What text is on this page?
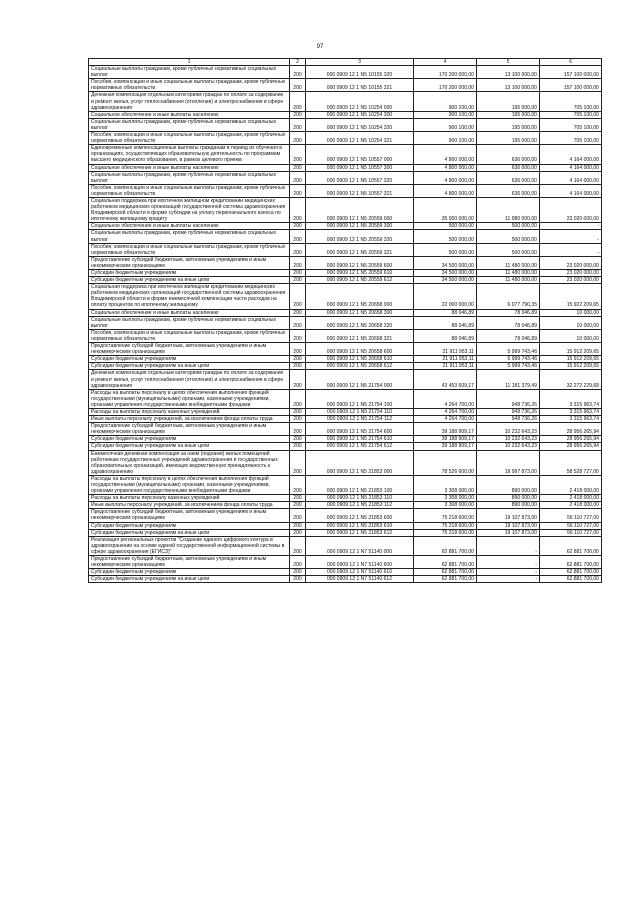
97
1	2	3	4	5	6
Социальные выплаты гражданам, кроме публичных нормативных социальных выплат	200	000 0909 12 1 N5 10155 320	170 200 000,00	13 100 000,00	157 100 000,00
Пособия, компенсации и иные социальные выплаты гражданам, кроме публичных нормативных обязательств	200	000 0909 12 1 N5 10155 321	170 200 000,00	13 100 000,00	157 100 000,00
Денежная компенсация отдельным категориям граждан по оплате за содержание и ремонт жилья, услуг теплоснабжения (отопления) и электроснабжения в сфере здравоохранения	200	000 0909 12 1 N5 10254 000	900 100,00	195 000,00	705 100,00
Социальное обеспечение и иные выплаты населению	200	000 0909 12 1 N5 10254 300	900 100,00	195 000,00	705 100,00
Социальные выплаты гражданам, кроме публичных нормативных социальных выплат	200	000 0909 12 1 N5 10254 320	900 100,00	195 000,00	705 100,00
Пособия, компенсации и иные социальные выплаты гражданам, кроме публичных нормативных обязательств	200	000 0909 12 1 N5 10254 321	900 100,00	195 000,00	705 100,00
Единовременные компенсационные выплаты гражданам в период их обучения в организациях, осуществляющих образовательную деятельность по программам высшего медицинского образования, в рамках целевого приема	200	000 0909 12 1 N5 10557 000	4 800 000,00	636 000,00	4 164 000,00
Социальное обеспечение и иные выплаты населению	200	000 0909 12 1 N5 10557 300	4 800 000,00	636 000,00	4 164 000,00
Социальные выплаты гражданам, кроме публичных нормативных социальных выплат	200	000 0909 12 1 N5 10557 320	4 800 000,00	636 000,00	4 164 000,00
Пособия, компенсации и иные социальные выплаты гражданам, кроме публичных нормативных обязательств	200	000 0909 12 1 N5 10557 321	4 800 000,00	636 000,00	4 164 000,00
Социальная поддержка при ипотечном жилищном кредитовании медицинских работников медицинских организаций государственной системы здравоохранения Владимирской области в форме субсидии на уплату первоначального взноса по ипотечному жилищному кредиту	200	000 0909 12 1 N5 20559 000	35 000 000,00	11 980 000,00	23 020 000,00
Социальное обеспечение и иные выплаты населению	200	000 0909 12 1 N5 20559 300	500 000,00	500 000,00	-
Социальные выплаты гражданам, кроме публичных нормативных социальных выплат	200	000 0909 12 1 N5 20559 320	500 000,00	500 000,00	-
Пособия, компенсации и иные социальные выплаты гражданам, кроме публичных нормативных обязательств	200	000 0909 12 1 N5 20559 321	500 000,00	500 000,00	-
Предоставление субсидий бюджетным, автономным учреждениям и иным некоммерческим организациям	200	000 0909 12 1 N5 20559 600	34 500 000,00	11 480 000,00	23 020 000,00
Субсидии бюджетным учреждениям	200	000 0909 12 1 N5 20559 610	34 500 000,00	11 480 000,00	23 020 000,00
Субсидии бюджетным учреждениям на иные цели	200	000 0909 12 1 N5 20559 612	34 500 000,00	11 480 000,00	23 020 000,00
Социальная поддержка при ипотечном жилищном кредитовании медицинских работников медицинских организаций государственной системы здравоохранения Владимирской области в форме ежемесячной компенсации части расходов на оплату процентов по ипотечному жилищному	200	000 0909 12 1 N5 20658 000	22 000 000,00	6 077 790,35	15 922 209,65
Социальное обеспечение и иные выплаты населению	200	000 0909 12 1 N5 20658 300	88 046,89	78 046,89	10 000,00
Социальные выплаты гражданам, кроме публичных нормативных социальных выплат	200	000 0909 12 1 N5 20658 320	88 046,89	78 046,89	10 000,00
Пособия, компенсации и иные социальные выплаты гражданам, кроме публичных нормативных обязательств	200	000 0909 12 1 N5 20658 321	88 046,89	78 046,89	10 000,00
Предоставление субсидий бюджетным, автономным учреждениям и иным некоммерческим организациям	200	000 0909 12 1 N5 20658 600	21 911 953,11	5 999 743,46	15 912 209,65
Субсидии бюджетным учреждениям	200	000 0909 12 1 N5 20658 610	21 911 953,11	5 999 743,46	15 912 209,65
Субсидии бюджетным учреждениям на иные цели	200	000 0909 12 1 N5 20658 612	21 911 953,11	5 999 743,46	15 912 209,65
Денежная компенсация отдельным категориям граждан по оплате за содержание и ремонт жилья, услуг теплоснабжения (отопления) и электроснабжения в сфере здравоохранения	200	000 0909 12 1 N5 21754 000	43 453 609,17	11 181 379,49	32 272 229,68
Расходы на выплаты персоналу в целях обеспечения выполнения функций государственными (муниципальными) органами, казенными учреждениями, органами управления государственными внебюджетными фондами	200	000 0909 12 1 N5 21754 100	4 264 700,00	948 736,26	3 315 963,74
Расходы на выплаты персоналу казенных учреждений	200	000 0909 12 1 N5 21754 110	4 264 700,00	948 736,26	3 315 963,74
Иные выплаты персоналу учреждений, за исключением фонда оплаты труда	200	000 0909 12 1 N5 21754 112	4 264 700,00	948 736,26	3 315 963,74
Предоставление субсидий бюджетным, автономным учреждениям и иным некоммерческим организациям	200	000 0909 12 1 N5 21754 600	39 188 909,17	10 232 643,23	28 956 265,94
Субсидии бюджетным учреждениям	200	000 0909 12 1 N5 21754 610	39 188 909,17	10 232 643,23	28 956 265,94
Субсидии бюджетным учреждениям на иные цели	200	000 0909 12 1 N5 21754 612	39 188 909,17	10 232 643,23	28 956 265,94
Ежемесячная денежная компенсация за наем (поднаем) жилых помещений работникам государственных учреждений здравоохранения и государственных образовательных организаций, имеющих ведомственную принадлежность к здравоохранению	200	000 0909 12 1 N5 21853 000	78 526 600,00	19 997 873,00	58 528 727,00
Расходы на выплаты персоналу в целях обеспечения выполнения функций государственными (муниципальными) органами, казенными учреждениями, органами управления государственными внебюджетными фондами	200	000 0909 12 1 N5 21853 100	3 308 000,00	890 000,00	2 418 000,00
Расходы на выплаты персоналу казенных учреждений	200	000 0909 12 1 N5 21853 110	3 308 000,00	890 000,00	2 418 000,00
Иные выплаты персоналу учреждений, за исключением фонда оплаты труда	200	000 0909 12 1 N5 21853 112	3 308 000,00	890 000,00	2 418 000,00
Предоставление субсидий бюджетным, автономным учреждениям и иным некоммерческим организациям	200	000 0909 12 1 N5 21853 600	75 218 600,00	19 107 873,00	56 110 727,00
Субсидии бюджетным учреждениям	200	000 0909 12 1 N5 21853 610	75 218 600,00	19 107 873,00	56 110 727,00
Субсидии бюджетным учреждениям на иные цели	200	000 0909 12 1 N5 21853 612	75 218 600,00	19 107 873,00	56 110 727,00
Реализация региональных проектов "Создание единого цифрового контура в здравоохранении на основе единой государственной информационной системы в сфере здравоохранения (ЕГИСЗ)"	200	000 0909 12 1 N7 51140 000	62 881 700,00	-	62 881 700,00
Предоставление субсидий бюджетным, автономным учреждениям и иным некоммерческим организациям	200	000 0909 12 1 N7 51140 600	62 881 700,00	-	62 881 700,00
Субсидии бюджетным учреждениям	200	000 0909 12 1 N7 51140 610	62 881 700,00	-	62 881 700,00
Субсидии бюджетным учреждениям на иные цели	200	000 0909 12 1 N7 51140 612	62 881 700,00	-	62 881 700,00
